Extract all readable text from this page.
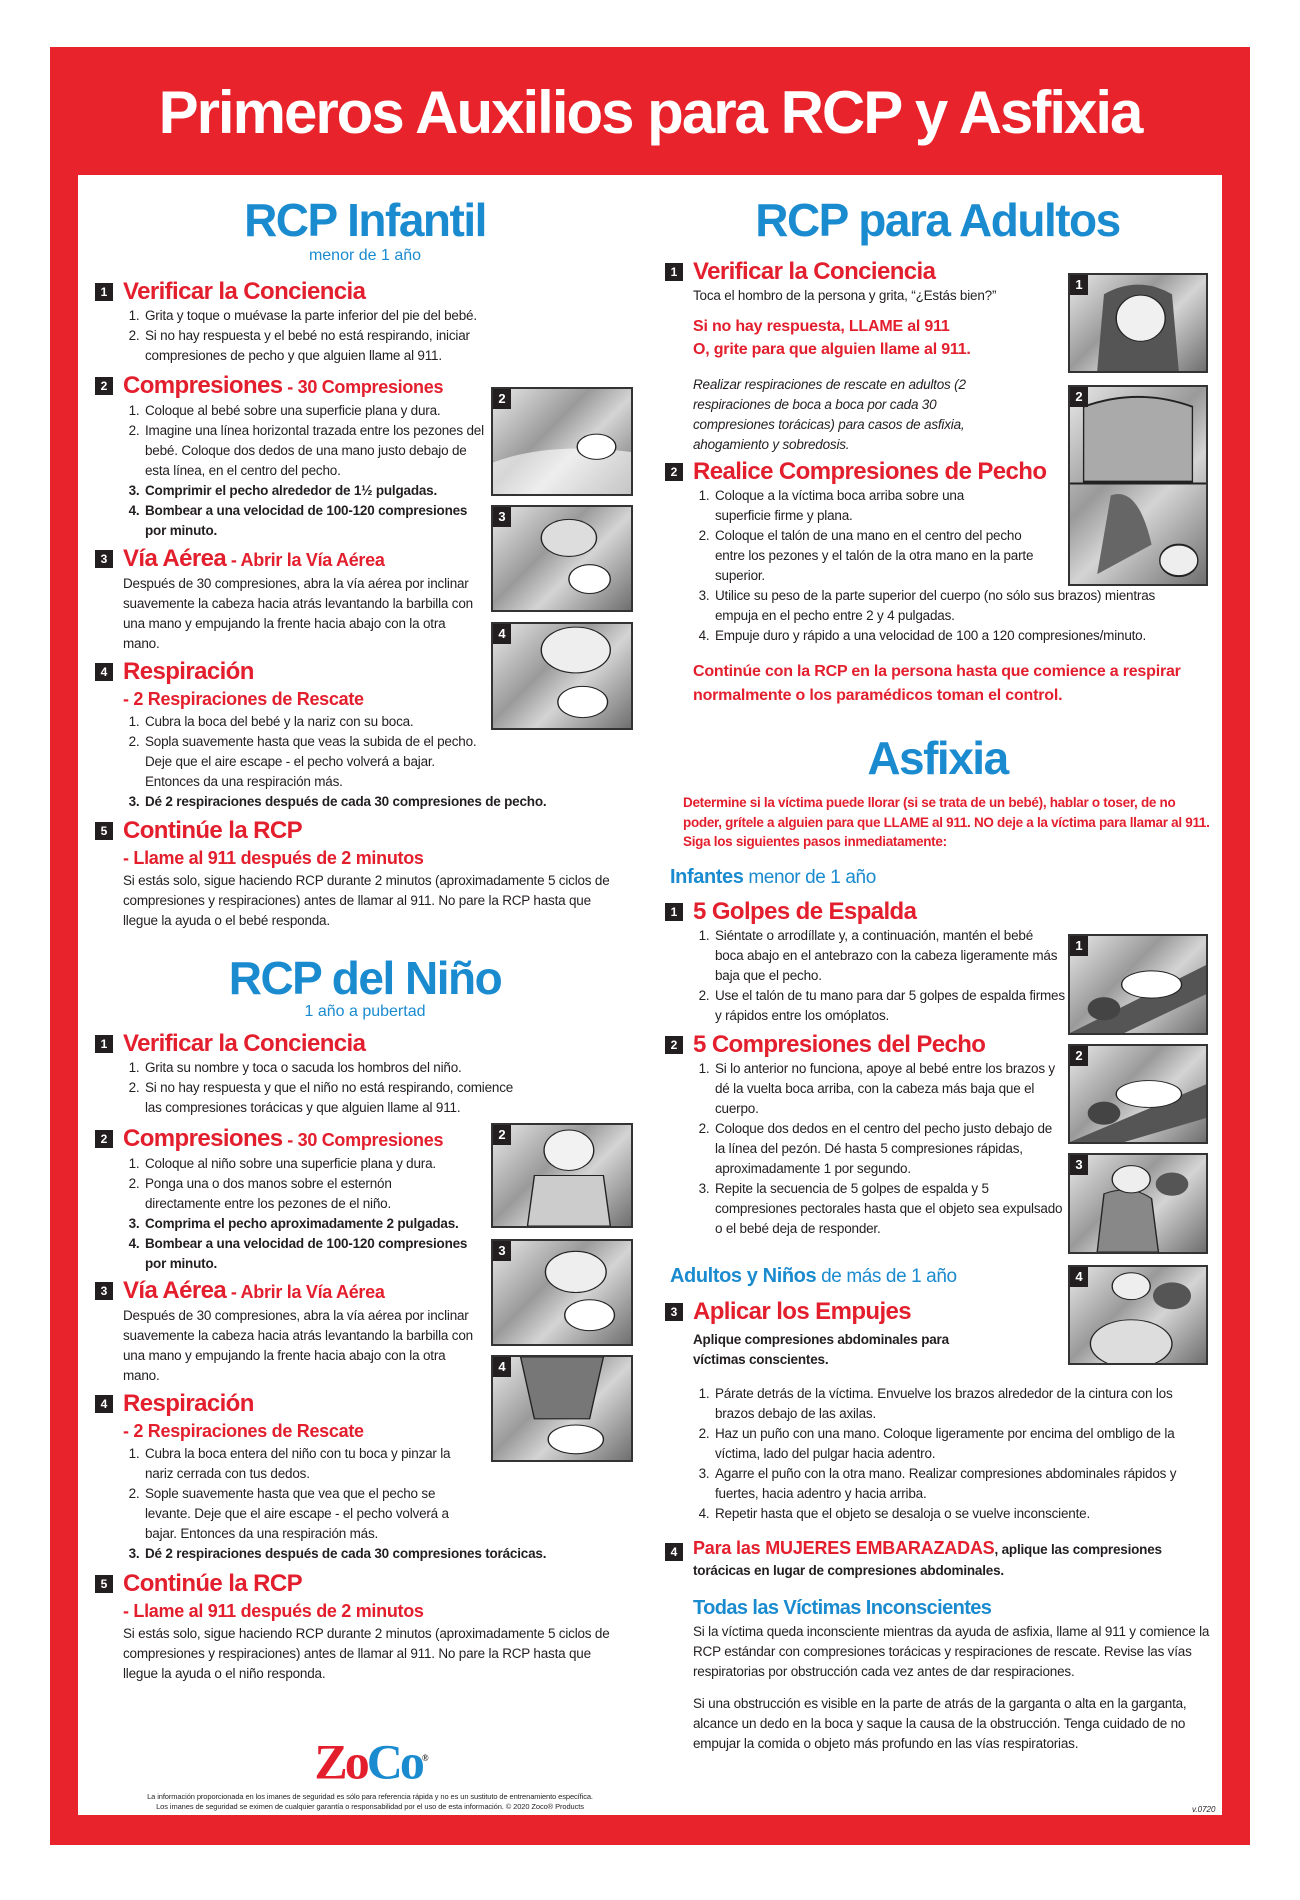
Primeros Auxilios para RCP y Asfixia
RCP Infantil
menor de 1 año
1 Verificar la Conciencia
1. Grita y toque o muévase la parte inferior del pie del bebé.
2. Si no hay respuesta y el bebé no está respirando, iniciar compresiones de pecho y que alguien llame al 911.
2 Compresiones - 30 Compresiones
1. Coloque al bebé sobre una superficie plana y dura.
2. Imagine una línea horizontal trazada entre los pezones del bebé. Coloque dos dedos de una mano justo debajo de esta línea, en el centro del pecho.
3. Comprimir el pecho alrededor de 1½ pulgadas.
4. Bombear a una velocidad de 100-120 compresiones por minuto.
3 Vía Aérea - Abrir la Vía Aérea

Después de 30 compresiones, abra la vía aérea por inclinar suavemente la cabeza hacia atrás levantando la barbilla con una mano y empujando la frente hacia abajo con la otra mano.

4 Respiración
- 2 Respiraciones de Rescate
1. Cubra la boca del bebé y la nariz con su boca.
2. Sopla suavemente hasta que veas la subida de el pecho. Deje que el aire escape - el pecho volverá a bajar. Entonces da una respiración más.
3. Dé 2 respiraciones después de cada 30 compresiones de pecho.
5 Continúe la RCP
- Llame al 911 después de 2 minutos

Si estás solo, sigue haciendo RCP durante 2 minutos (aproximadamente 5 ciclos de compresiones y respiraciones) antes de llamar al 911. No pare la RCP hasta que llegue la ayuda o el bebé responda.

2
3
4
RCP del Niño
1 año a pubertad
1 Verificar la Conciencia
1. Grita su nombre y toca o sacuda los hombros del niño.
2. Si no hay respuesta y que el niño no está respirando, comience las compresiones torácicas y que alguien llame al 911.
2 Compresiones - 30 Compresiones
1. Coloque al niño sobre una superficie plana y dura.
2. Ponga una o dos manos sobre el esternón directamente entre los pezones de el niño.
3. Comprima el pecho aproximadamente 2 pulgadas.
4. Bombear a una velocidad de 100-120 compresiones por minuto.
3 Vía Aérea - Abrir la Vía Aérea

Después de 30 compresiones, abra la vía aérea por inclinar suavemente la cabeza hacia atrás levantando la barbilla con una mano y empujando la frente hacia abajo con la otra mano.

4 Respiración
- 2 Respiraciones de Rescate
1. Cubra la boca entera del niño con tu boca y pinzar la nariz cerrada con tus dedos.
2. Sople suavemente hasta que vea que el pecho se levante. Deje que el aire escape - el pecho volverá a bajar. Entonces da una respiración más.
3. Dé 2 respiraciones después de cada 30 compresiones torácicas.
5 Continúe la RCP
- Llame al 911 después de 2 minutos

Si estás solo, sigue haciendo RCP durante 2 minutos (aproximadamente 5 ciclos de compresiones y respiraciones) antes de llamar al 911. No pare la RCP hasta que llegue la ayuda o el niño responda.

2
3
4
RCP para Adultos
1 Verificar la Conciencia

Toca el hombro de la persona y grita, “¿Estás bien?”

Si no hay respuesta, LLAME al 911

O, grite para que alguien llame al 911.

Realizar respiraciones de rescate en adultos (2 respiraciones de boca a boca por cada 30 compresiones torácicas) para casos de asfixia, ahogamiento y sobredosis.

2 Realice Compresiones de Pecho
1. Coloque a la víctima boca arriba sobre una superficie firme y plana.
2. Coloque el talón de una mano en el centro del pecho entre los pezones y el talón de la otra mano en la parte superior.
3. Utilice su peso de la parte superior del cuerpo (no sólo sus brazos) mientras empuja en el pecho entre 2 y 4 pulgadas.
4. Empuje duro y rápido a una velocidad de 100 a 120 compresiones/minuto.

Continúe con la RCP en la persona hasta que comience a respirar normalmente o los paramédicos toman el control.

1
2
Asfixia

Determine si la víctima puede llorar (si se trata de un bebé), hablar o toser, de no poder, grítele a alguien para que LLAME al 911. NO deje a la víctima para llamar al 911. Siga los siguientes pasos inmediatamente:

Infantes menor de 1 año
1 5 Golpes de Espalda
1. Siéntate o arrodíllate y, a continuación, mantén el bebé boca abajo en el antebrazo con la cabeza ligeramente más baja que el pecho.
2. Use el talón de tu mano para dar 5 golpes de espalda firmes y rápidos entre los omóplatos.
2 5 Compresiones del Pecho
1. Si lo anterior no funciona, apoye al bebé entre los brazos y dé la vuelta boca arriba, con la cabeza más baja que el cuerpo.
2. Coloque dos dedos en el centro del pecho justo debajo de la línea del pezón. Dé hasta 5 compresiones rápidas, aproximadamente 1 por segundo.
3. Repite la secuencia de 5 golpes de espalda y 5 compresiones pectorales hasta que el objeto sea expulsado o el bebé deja de responder.
Adultos y Niños de más de 1 año
3 Aplicar los Empujes

Aplique compresiones abdominales para víctimas conscientes.

1. Párate detrás de la víctima. Envuelve los brazos alrededor de la cintura con los brazos debajo de las axilas.
2. Haz un puño con una mano. Coloque ligeramente por encima del ombligo de la víctima, lado del pulgar hacia adentro.
3. Agarre el puño con la otra mano. Realizar compresiones abdominales rápidos y fuertes, hacia adentro y hacia arriba.
4. Repetir hasta que el objeto se desaloja o se vuelve inconsciente.
4 Para las MUJERES EMBARAZADAS, aplique las compresiones torácicas en lugar de compresiones abdominales.

Todas las Víctimas Inconscientes

Si la víctima queda inconsciente mientras da ayuda de asfixia, llame al 911 y comience la RCP estándar con compresiones torácicas y respiraciones de rescate. Revise las vías respiratorias por obstrucción cada vez antes de dar respiraciones.

Si una obstrucción es visible en la parte de atrás de la garganta o alta en la garganta, alcance un dedo en la boca y saque la causa de la obstrucción. Tenga cuidado de no empujar la comida o objeto más profundo en las vías respiratorias.

1
2
3
4
ZoCo®
La información proporcionada en los imanes de seguridad es sólo para referencia rápida y no es un sustituto de entrenamiento específica.
Los imanes de seguridad se eximen de cualquier garantía o responsabilidad por el uso de esta información. © 2020 Zoco® Products	v.0720
